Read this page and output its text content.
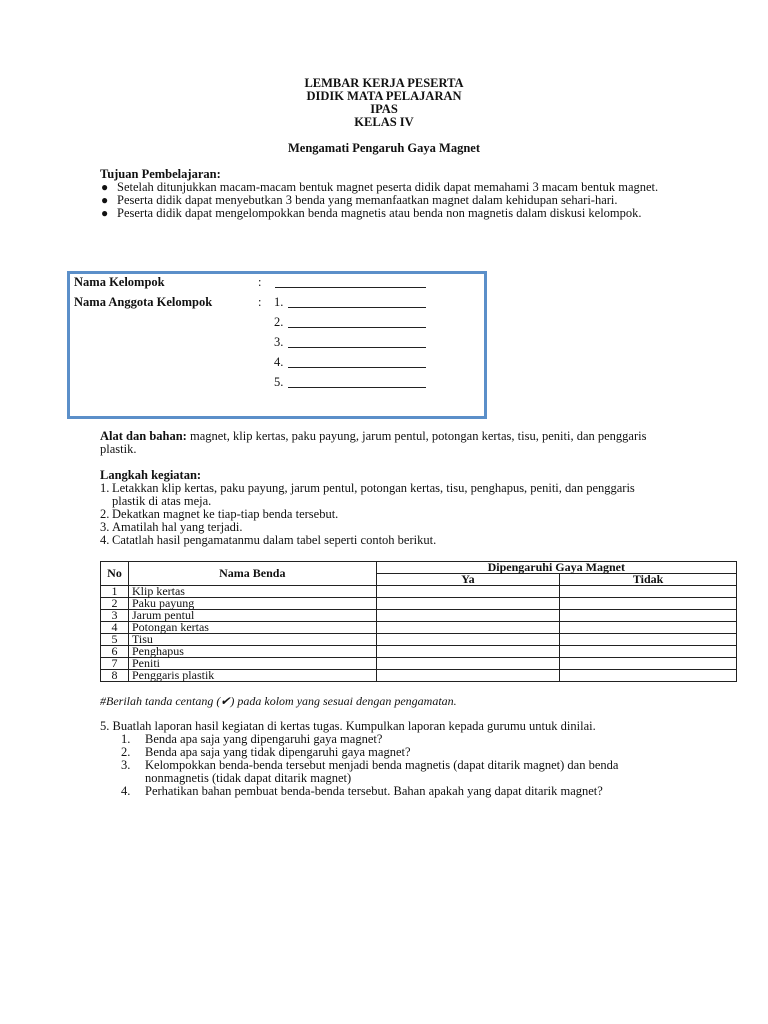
LEMBAR KERJA PESERTA
DIDIK MATA PELAJARAN
IPAS
KELAS IV
Mengamati Pengaruh Gaya Magnet
Tujuan Pembelajaran:
● Setelah ditunjukkan macam-macam bentuk magnet peserta didik dapat memahami 3 macam bentuk magnet.
● Peserta didik dapat menyebutkan 3 benda yang memanfaatkan magnet dalam kehidupan sehari-hari.
● Peserta didik dapat mengelompokkan benda magnetis atau benda non magnetis dalam diskusi kelompok.
Nama Kelompok	:
Nama Anggota Kelompok	: 1.
2.
3.
4.
5.
Alat dan bahan: magnet, klip kertas, paku payung, jarum pentul, potongan kertas, tisu, peniti, dan penggaris plastik.
Langkah kegiatan:
1. Letakkan klip kertas, paku payung, jarum pentul, potongan kertas, tisu, penghapus, peniti, dan penggaris plastik di atas meja.
2. Dekatkan magnet ke tiap-tiap benda tersebut.
3. Amatilah hal yang terjadi.
4. Catatlah hasil pengamatanmu dalam tabel seperti contoh berikut.
No	Nama Benda	Dipengaruhi Gaya Magnet	
		Ya	Tidak
1	Klip kertas		
2	Paku payung		
3	Jarum pentul		
4	Potongan kertas		
5	Tisu		
6	Penghapus		
7	Peniti		
8	Penggaris plastik		
#Berilah tanda centang (✔) pada kolom yang sesuai dengan pengamatan.
5. Buatlah laporan hasil kegiatan di kertas tugas. Kumpulkan laporan kepada gurumu untuk dinilai.
1. Benda apa saja yang dipengaruhi gaya magnet?
2. Benda apa saja yang tidak dipengaruhi gaya magnet?
3. Kelompokkan benda-benda tersebut menjadi benda magnetis (dapat ditarik magnet) dan benda nonmagnetis (tidak dapat ditarik magnet)
4. Perhatikan bahan pembuat benda-benda tersebut. Bahan apakah yang dapat ditarik magnet?
